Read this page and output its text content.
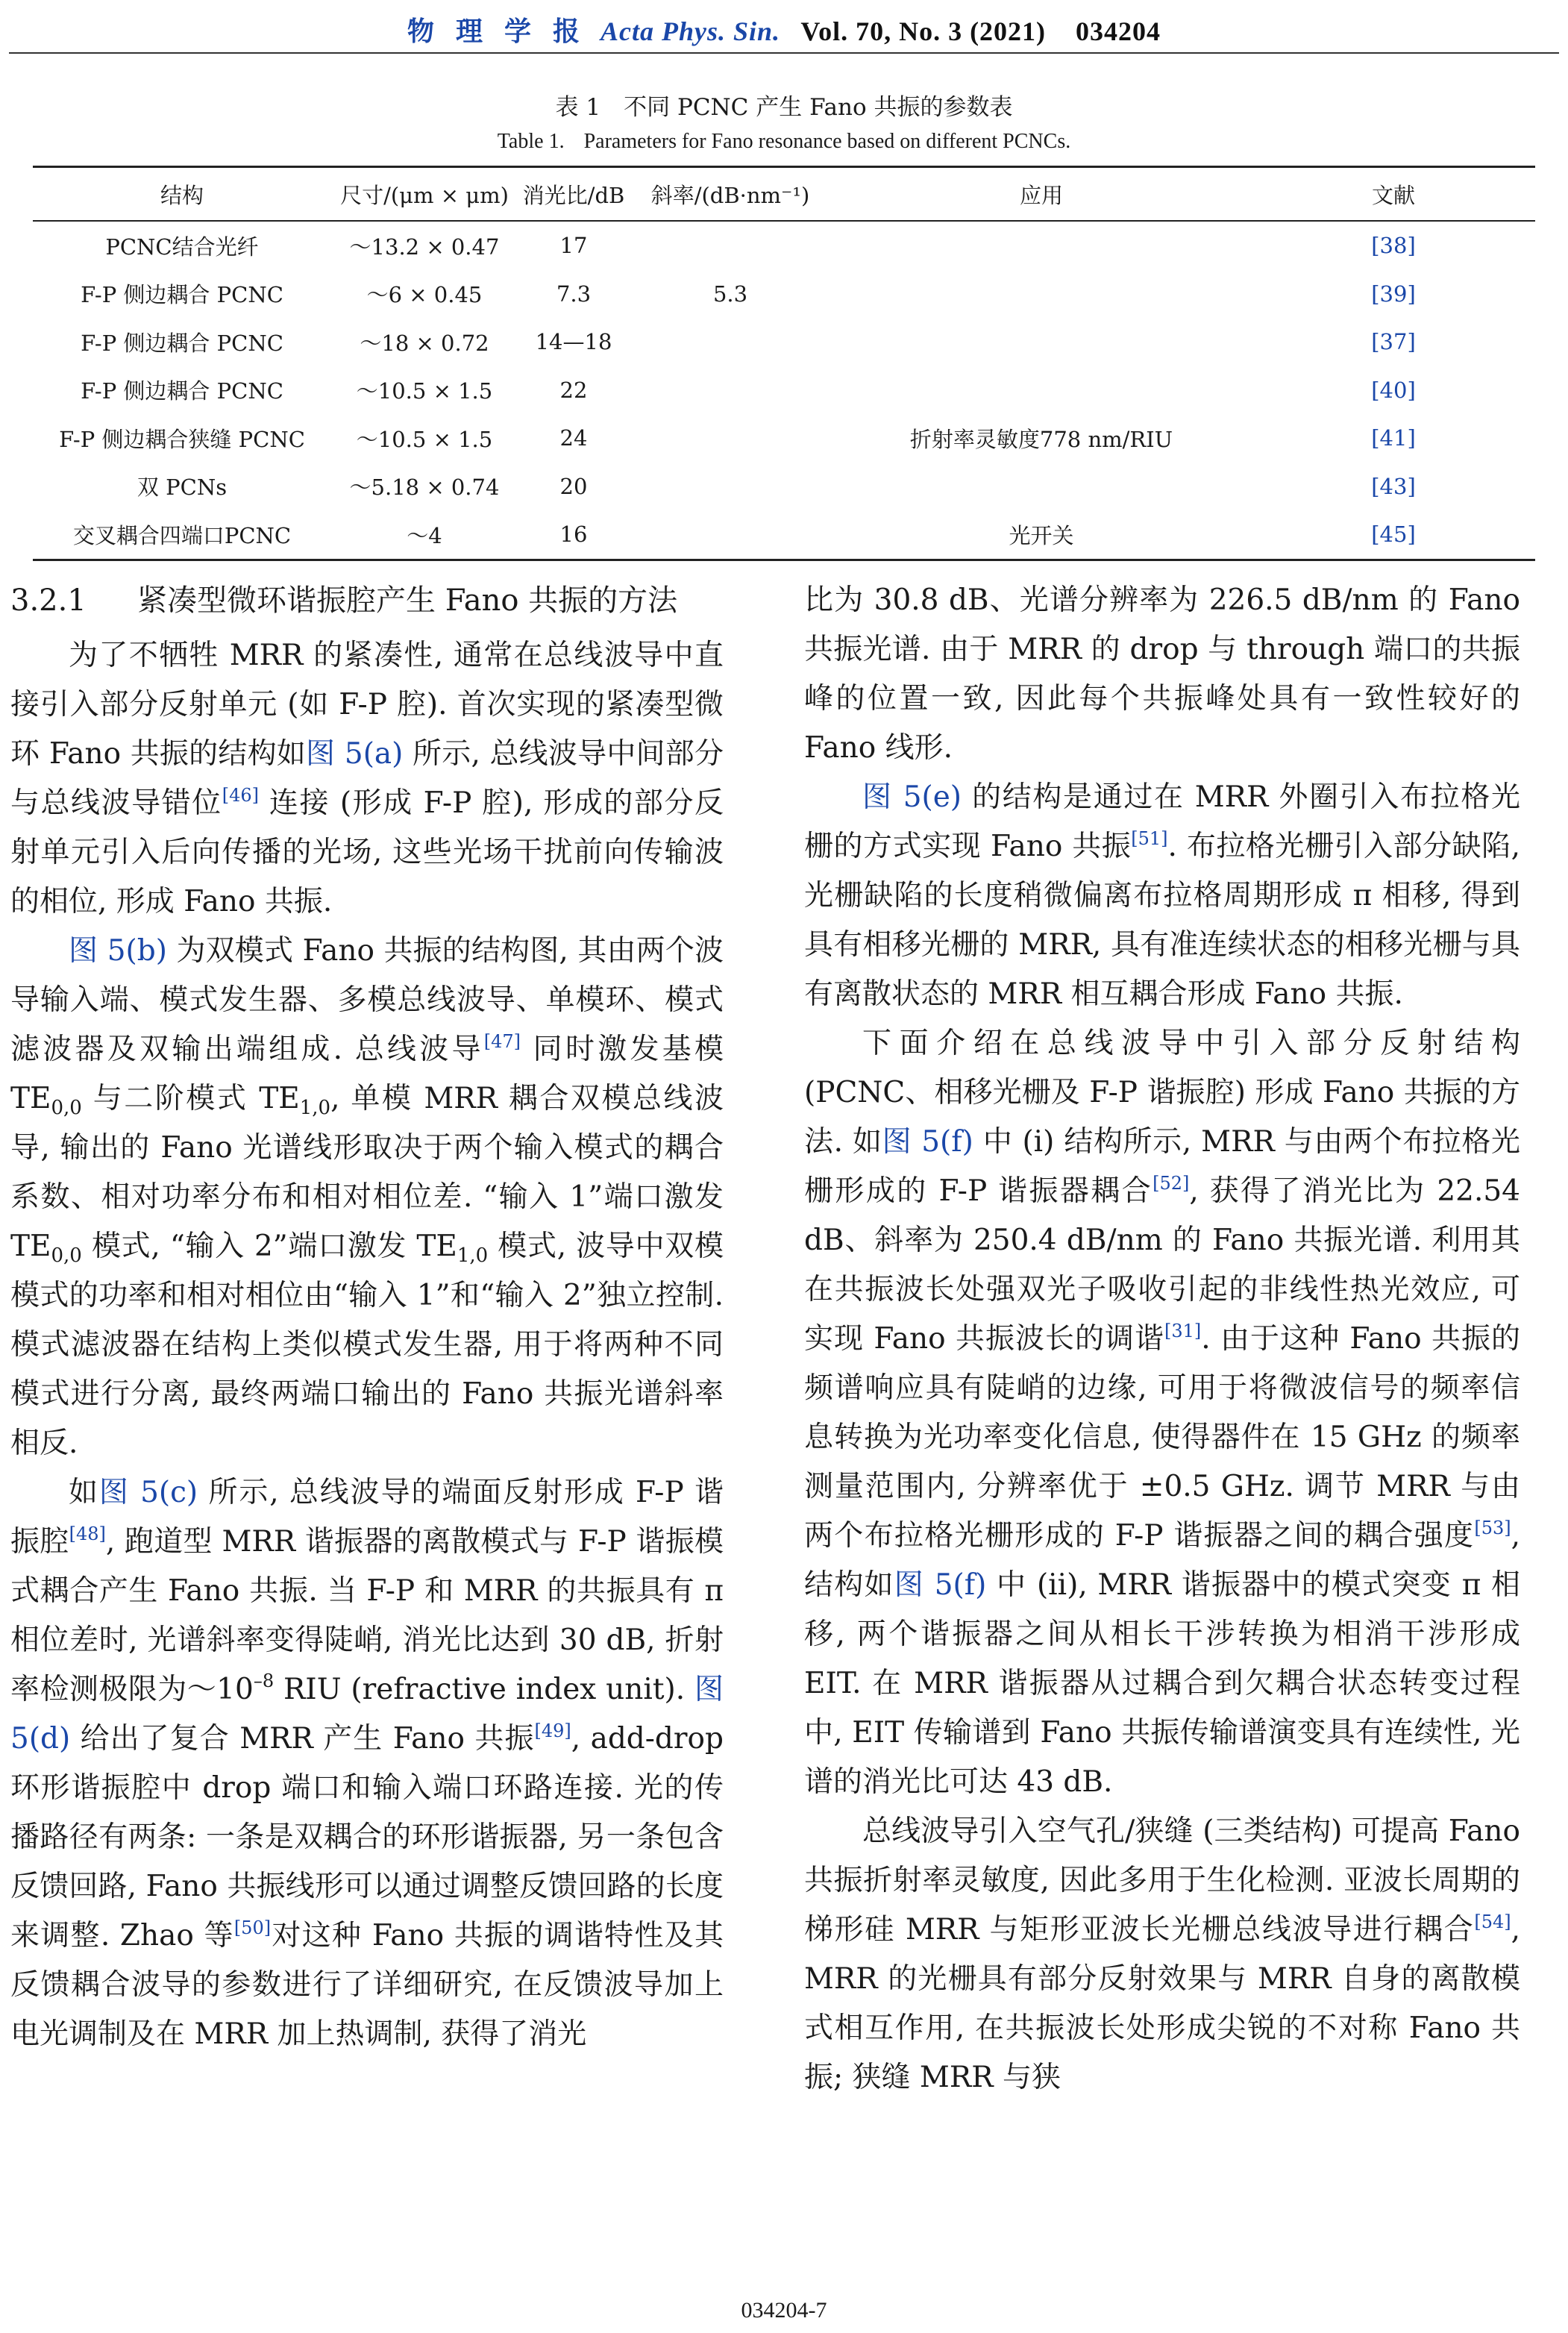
物 理 学 报 Acta Phys. Sin. Vol. 70, No. 3 (2021) 034204
表 1　不同 PCNC 产生 Fano 共振的参数表
Table 1. Parameters for Fano resonance based on different PCNCs.
结构	尺寸/(μm × μm)	消光比/dB	斜率/(dB·nm⁻¹)	应用	文献
PCNC结合光纤	～13.2 × 0.47	17			[38]
F-P 侧边耦合 PCNC	～6 × 0.45	7.3	5.3		[39]
F-P 侧边耦合 PCNC	～18 × 0.72	14—18			[37]
F-P 侧边耦合 PCNC	～10.5 × 1.5	22			[40]
F-P 侧边耦合狭缝 PCNC	～10.5 × 1.5	24		折射率灵敏度778 nm/RIU	[41]
双 PCNs	～5.18 × 0.74	20			[43]
交叉耦合四端口PCNC	～4	16		光开关	[45]
3.2.1	紧凑型微环谐振腔产生 Fano 共振的方法

为了不牺牲 MRR 的紧凑性, 通常在总线波导中直接引入部分反射单元 (如 F-P 腔). 首次实现的紧凑型微环 Fano 共振的结构如图 5(a) 所示, 总线波导中间部分与总线波导错位[46] 连接 (形成 F-P 腔), 形成的部分反射单元引入后向传播的光场, 这些光场干扰前向传输波的相位, 形成 Fano 共振.

图 5(b) 为双模式 Fano 共振的结构图, 其由两个波导输入端、模式发生器、多模总线波导、单模环、模式滤波器及双输出端组成. 总线波导[47] 同时激发基模 $TE_{0,0}$ 与二阶模式 $TE_{1,0}$, 单模 MRR 耦合双模总线波导, 输出的 Fano 光谱线形取决于两个输入模式的耦合系数、相对功率分布和相对相位差. “输入 1”端口激发 $TE_{0,0}$ 模式, “输入 2”端口激发 $TE_{1,0}$ 模式, 波导中双模模式的功率和相对相位由“输入 1”和“输入 2”独立控制. 模式滤波器在结构上类似模式发生器, 用于将两种不同模式进行分离, 最终两端口输出的 Fano 共振光谱斜率相反.

如图 5(c) 所示, 总线波导的端面反射形成 F-P 谐振腔[48], 跑道型 MRR 谐振器的离散模式与 F-P 谐振模式耦合产生 Fano 共振. 当 F-P 和 MRR 的共振具有 π 相位差时, 光谱斜率变得陡峭, 消光比达到 30 dB, 折射率检测极限为$\sim 10^{-8}$ RIU (refractive index unit). 图 5(d) 给出了复合 MRR 产生 Fano 共振[49], add-drop 环形谐振腔中 drop 端口和输入端口环路连接. 光的传播路径有两条: 一条是双耦合的环形谐振器, 另一条包含反馈回路, Fano 共振线形可以通过调整反馈回路的长度来调整. Zhao 等[50]对这种 Fano 共振的调谐特性及其反馈耦合波导的参数进行了详细研究, 在反馈波导加上电光调制及在 MRR 加上热调制, 获得了消光

比为 30.8 dB、光谱分辨率为 226.5 dB/nm 的 Fano 共振光谱. 由于 MRR 的 drop 与 through 端口的共振峰的位置一致, 因此每个共振峰处具有一致性较好的 Fano 线形.

图 5(e) 的结构是通过在 MRR 外圈引入布拉格光栅的方式实现 Fano 共振[51]. 布拉格光栅引入部分缺陷, 光栅缺陷的长度稍微偏离布拉格周期形成 π 相移, 得到具有相移光栅的 MRR, 具有准连续状态的相移光栅与具有离散状态的 MRR 相互耦合形成 Fano 共振.

下面介绍在总线波导中引入部分反射结构 (PCNC、相移光栅及 F-P 谐振腔) 形成 Fano 共振的方法. 如图 5(f) 中 (i) 结构所示, MRR 与由两个布拉格光栅形成的 F-P 谐振器耦合[52], 获得了消光比为 22.54 dB、斜率为 250.4 dB/nm 的 Fano 共振光谱. 利用其在共振波长处强双光子吸收引起的非线性热光效应, 可实现 Fano 共振波长的调谐[31]. 由于这种 Fano 共振的频谱响应具有陡峭的边缘, 可用于将微波信号的频率信息转换为光功率变化信息, 使得器件在 15 GHz 的频率测量范围内, 分辨率优于 ±0.5 GHz. 调节 MRR 与由两个布拉格光栅形成的 F-P 谐振器之间的耦合强度[53], 结构如图 5(f) 中 (ii), MRR 谐振器中的模式突变 π 相移, 两个谐振器之间从相长干涉转换为相消干涉形成 EIT. 在 MRR 谐振器从过耦合到欠耦合状态转变过程中, EIT 传输谱到 Fano 共振传输谱演变具有连续性, 光谱的消光比可达 43 dB.

总线波导引入空气孔/狭缝 (三类结构) 可提高 Fano 共振折射率灵敏度, 因此多用于生化检测. 亚波长周期的梯形硅 MRR 与矩形亚波长光栅总线波导进行耦合[54], MRR 的光栅具有部分反射效果与 MRR 自身的离散模式相互作用, 在共振波长处形成尖锐的不对称 Fano 共振; 狭缝 MRR 与狭

034204-7
